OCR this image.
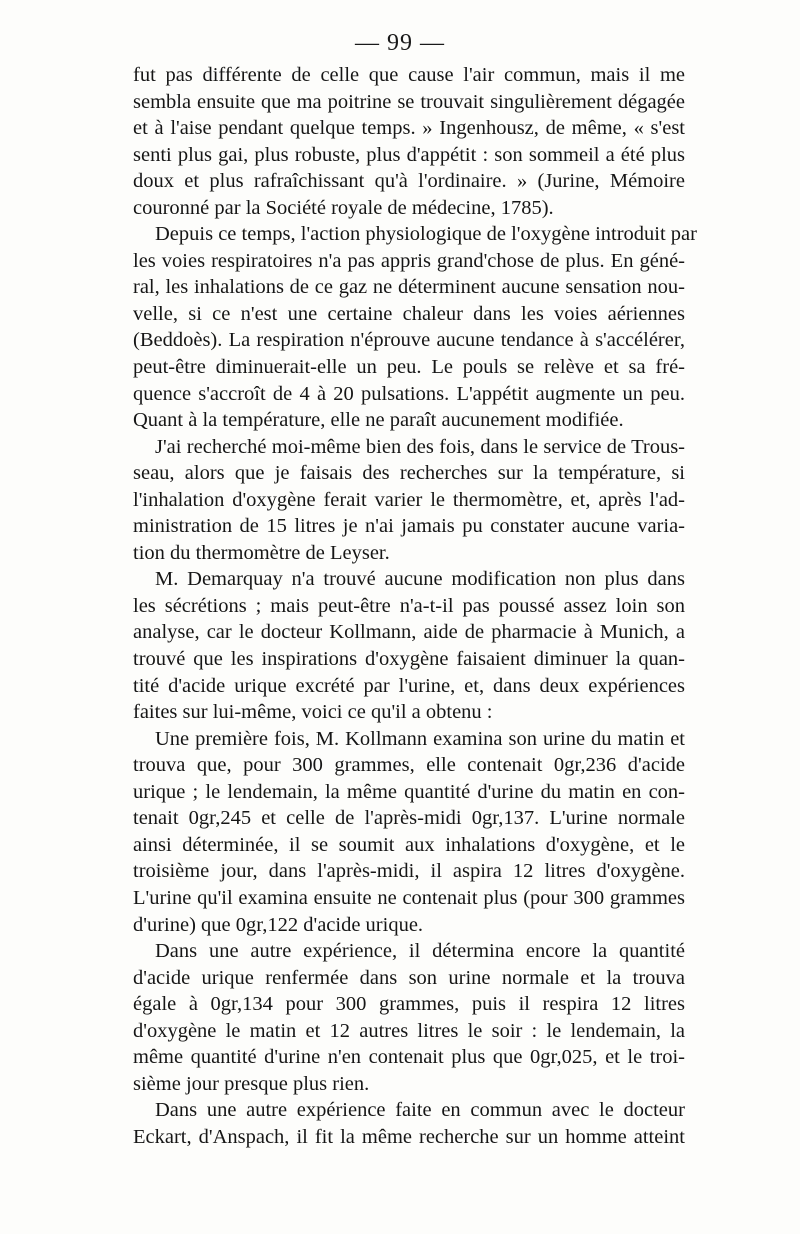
— 99 —
fut pas différente de celle que cause l'air commun, mais il me
sembla ensuite que ma poitrine se trouvait singulièrement dégagée
et à l'aise pendant quelque temps. » Ingenhousz, de même, « s'est
senti plus gai, plus robuste, plus d'appétit : son sommeil a été plus
doux et plus rafraîchissant qu'à l'ordinaire. » (Jurine, Mémoire
couronné par la Société royale de médecine, 1785).
Depuis ce temps, l'action physiologique de l'oxygène introduit par
les voies respiratoires n'a pas appris grand'chose de plus. En géné-
ral, les inhalations de ce gaz ne déterminent aucune sensation nou-
velle, si ce n'est une certaine chaleur dans les voies aériennes
(Beddoès). La respiration n'éprouve aucune tendance à s'accélérer,
peut-être diminuerait-elle un peu. Le pouls se relève et sa fré-
quence s'accroît de 4 à 20 pulsations. L'appétit augmente un peu.
Quant à la température, elle ne paraît aucunement modifiée.
J'ai recherché moi-même bien des fois, dans le service de Trous-
seau, alors que je faisais des recherches sur la température, si
l'inhalation d'oxygène ferait varier le thermomètre, et, après l'ad-
ministration de 15 litres je n'ai jamais pu constater aucune varia-
tion du thermomètre de Leyser.
M. Demarquay n'a trouvé aucune modification non plus dans
les sécrétions ; mais peut-être n'a-t-il pas poussé assez loin son
analyse, car le docteur Kollmann, aide de pharmacie à Munich, a
trouvé que les inspirations d'oxygène faisaient diminuer la quan-
tité d'acide urique excrété par l'urine, et, dans deux expériences
faites sur lui-même, voici ce qu'il a obtenu :
Une première fois, M. Kollmann examina son urine du matin et
trouva que, pour 300 grammes, elle contenait 0gr,236 d'acide
urique ; le lendemain, la même quantité d'urine du matin en con-
tenait 0gr,245 et celle de l'après-midi 0gr,137. L'urine normale
ainsi déterminée, il se soumit aux inhalations d'oxygène, et le
troisième jour, dans l'après-midi, il aspira 12 litres d'oxygène.
L'urine qu'il examina ensuite ne contenait plus (pour 300 grammes
d'urine) que 0gr,122 d'acide urique.
Dans une autre expérience, il détermina encore la quantité
d'acide urique renfermée dans son urine normale et la trouva
égale à 0gr,134 pour 300 grammes, puis il respira 12 litres
d'oxygène le matin et 12 autres litres le soir : le lendemain, la
même quantité d'urine n'en contenait plus que 0gr,025, et le troi-
sième jour presque plus rien.
Dans une autre expérience faite en commun avec le docteur
Eckart, d'Anspach, il fit la même recherche sur un homme atteint
